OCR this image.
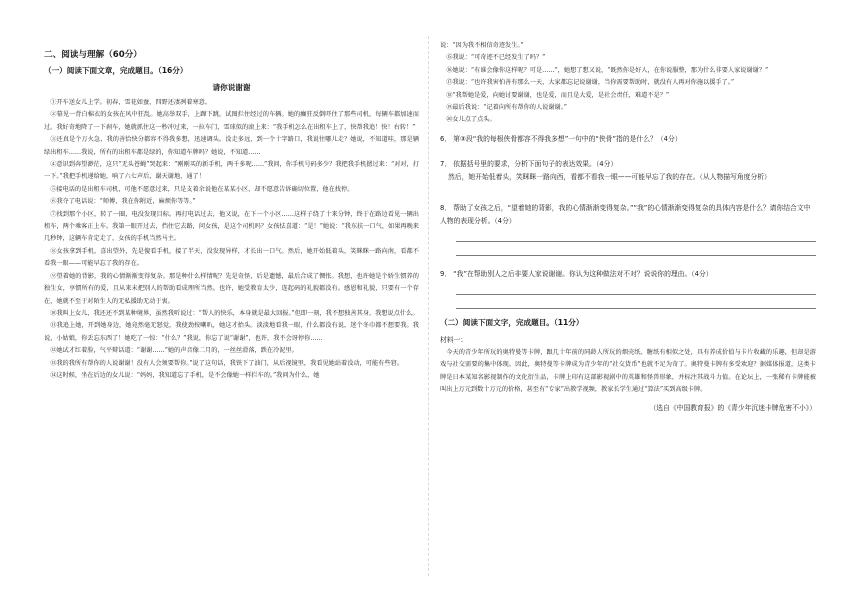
二、阅读与理解（60分）
（一）阅读下面文章，完成题目。（16分）
请你说谢谢

①开车送女儿上学。初春，雪花如蚕，四野还凄冽着寒意。

②幕见一背白棉衣的女孩在风中狂乱。她高举双手，上蹿下跳，试图拦住经过的车辆。她的癫狂反倒吓住了那些司机，每辆车都加速而过。我好奇地降了一下刹车，她就抓住这一秒冲过来，一拉车门，雪球似的滚上来：“我手机怎么在出租车上了，快帮我追！快！右转！”

③还真是个万火急，我的善恰快分都容不得我多想，迅速调头。没走多远，到一个十字路口，我说往哪儿走？她说，不知道哇，那是辆绿出租车……我说，所有的出租车都是绿的，你知道车牌吗？她说，不知道……

④意识到奔望渺茫，这只“无头苍蝇”哭起来：“刚刚买的新手机，两千多呢……”我问，你手机号码多少？我把我手机摁过来：“对对，打一下。”我把手机递给她，响了六七声后，谢天谢地，通了！

⑤接电话的是出租车司机，可他不愿意过来，只是支着余说他在某某小区，却不愿意告诉确切位置，他在找停。

⑥我夺了电话说：“师傅，我在你附近，麻烦你等等。”

⑦找到那个小区，转了一圈，电没发现目标。再打电话过去，他又说，在下一个小区……这样子绕了十来分钟，终于在路边看见一辆出租车，两个乘客正上车。我第一眼开过去，挡住它去路，问女孩，是这个司机吗？女孩怯喜道：“是！”她说：“我东扶一口气，如果再晚来几秒钟，这辆车肯定走了，女孩的手机当然马主。

⑧女孩拿到手机，喜出望外，先是傻看手机，接了半天，没发现异样，才长出一口气。然后，她开始低着头，笑眯眯一路向南，看都不看我一眼——可能早忘了我的存在。

⑨望着她的背影，我的心情渐渐变得复杂。那是种什么样情呢？先是奇怪，后是遗憾，最后合成了惆怅。我想，也许她是个娇生惯养的独生女，享惯所有的爱，且从来未把别人的帮助看成理所当然。也许，她受教育太少，连起码的礼貌都没有。感恩和礼貌，只要有一个存在，她就不至于对陌生人的无私援助无动于衷。

⑩我叫上女儿，我还还不到某种境界，虽然我听说过：“帮人的快乐，本身就是最大回报。”但即一刻，我不想独善其身，我想说点什么。

⑪我追上她，开到她身边，她竟然毫无怒觉，我使劲按喇叭，她这才抬头。淡淡地看我一眼，什么都没有说，迷个冬巾都不想要我。我说，小姑娘，你丢忘东西了！她吃了一惊：“什么？”我说，你忘了说“谢谢”，也许，我不会讶停你……

⑫她试才红着脸，气平辩话道：“谢谢……”她的声音像二月的，一丝丝滑落，跌在冷泥里。

⑬我的我所有帮你的人说谢谢！没有人会须要帮你。”说了这句话，我铁下了油门，从后视镜里，我看见她站着没动，可能有些窘。

⑭这时候，坐在后边的女儿说：“妈妈，我知道忘了手机，是不会像她一样拦车的。”我问为什么，她

说：“因为我不相信奇迹发生。”

⑮我说：“可奇迹不已经发生了吗？”

⑯她说：“有谁会像你这样呢？可是……”，她想了想又说，“既然你是好人，在你说服整，那为什么非要人家说谢谢？”

⑰我说：“也许我害怕善有那么一天，大家都忘记说谢谢，当你需要帮助时，就没有人再对你施以援手了。”

⑱“我帮她是爱，向她讨要谢谢，也是爱，而且是大爱，是社会责任，难道不是？”

⑲最后我说：“记着向所有帮你的人说谢谢。”

⑳女儿点了点头。

6． 第③段“我的每根侠骨都容不得我多想”一句中的“侠骨”指的是什么？（4分）
7． 依据括号里的要求，分析下面句子的表达效果。（4分）
然后，她开始低着头，笑眯眯一路向西，看都不看我一眼——可能早忘了我的存在。（从人物描写角度分析）
8． 帮助了女孩之后，“望着她的背影，我的心情渐渐变得复杂。”“我”的心情渐渐变得复杂的具体内容是什么？请你结合文中人物的表现分析。（4分）
9． “我”在帮助别人之后非要人家说谢谢。你认为这种做法对不对？说说你的理由。（4分）
（二）阅读下面文字，完成题目。（11分）
材料一：

今天的青少年所玩的奥特曼等卡牌，跟几十年前的同龄人所玩的烟壳纸、糖纸有相似之处，具有养成价值与卡片收藏的乐趣，但却是游戏与社交需要的集中体现。因此，奥特曼等卡牌成为青少年的“社交货币”也就不足为奇了。奥特曼卡牌有多受欢迎？据媒体报道，这类卡牌是日本某知名影视制作的文化衍生品，卡牌上印有这部影视剧中的英雄和怪兽形象，并标注其战斗力值。在论坛上，一张稀有卡牌能被叫出上万元到数十万元的价格，甚至有“专家”出教学视频，教家长学生通过“算法”买到高级卡牌。

（选自《中国教育报》的《青少年沉迷卡牌危害不小》）
